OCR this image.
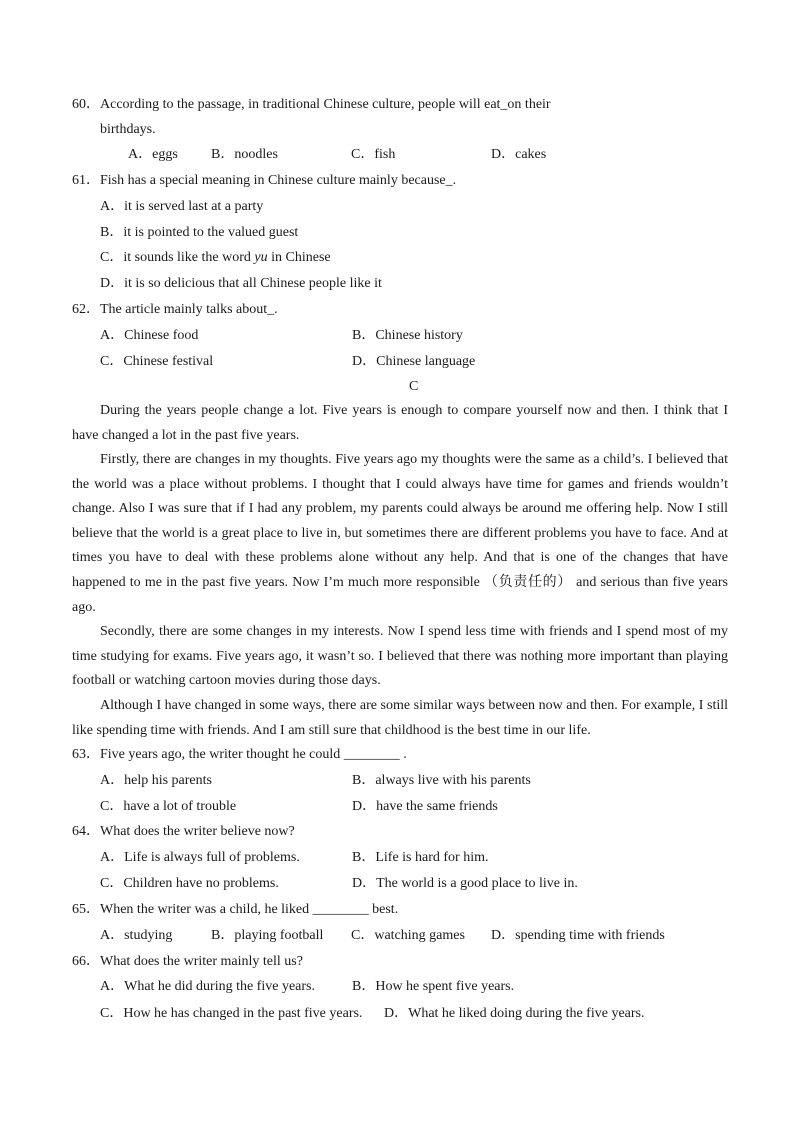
60．According to the passage, in traditional Chinese culture, people will eat_on their
birthdays.
A．eggs B．noodles	C．fish	D．cakes
61．Fish has a special meaning in Chinese culture mainly because_.
A．it is served last at a party
B．it is pointed to the valued guest
C．it sounds like the word yu in Chinese
D．it is so delicious that all Chinese people like it
62．The article mainly talks about_.
A．Chinese food	B．Chinese history
C．Chinese festival	D．Chinese language
C
During the years people change a lot. Five years is enough to compare yourself now and then. I think that I have changed a lot in the past five years.
Firstly, there are changes in my thoughts. Five years ago my thoughts were the same as a child’s. I believed that the world was a place without problems. I thought that I could always have time for games and friends wouldn’t change. Also I was sure that if I had any problem, my parents could always be around me offering help. Now I still believe that the world is a great place to live in, but sometimes there are different problems you have to face. And at times you have to deal with these problems alone without any help. And that is one of the changes that have happened to me in the past five years. Now I’m much more responsible （负责任的） and serious than five years ago.
Secondly, there are some changes in my interests. Now I spend less time with friends and I spend most of my time studying for exams. Five years ago, it wasn’t so. I believed that there was nothing more important than playing football or watching cartoon movies during those days.
Although I have changed in some ways, there are some similar ways between now and then. For example, I still like spending time with friends. And I am still sure that childhood is the best time in our life.
63．Five years ago, the writer thought he could ________ .
A．help his parents	B．always live with his parents
C．have a lot of trouble	D．have the same friends
64．What does the writer believe now?
A．Life is always full of problems.	B．Life is hard for him.
C．Children have no problems.	D．The world is a good place to live in.
65．When the writer was a child, he liked ________ best.
A．studying	B．playing football C．watching games D．spending time with friends
66．What does the writer mainly tell us?
A．What he did during the five years.	B．How he spent five years.
C．How he has changed in the past five years. D．What he liked doing during the five years.
